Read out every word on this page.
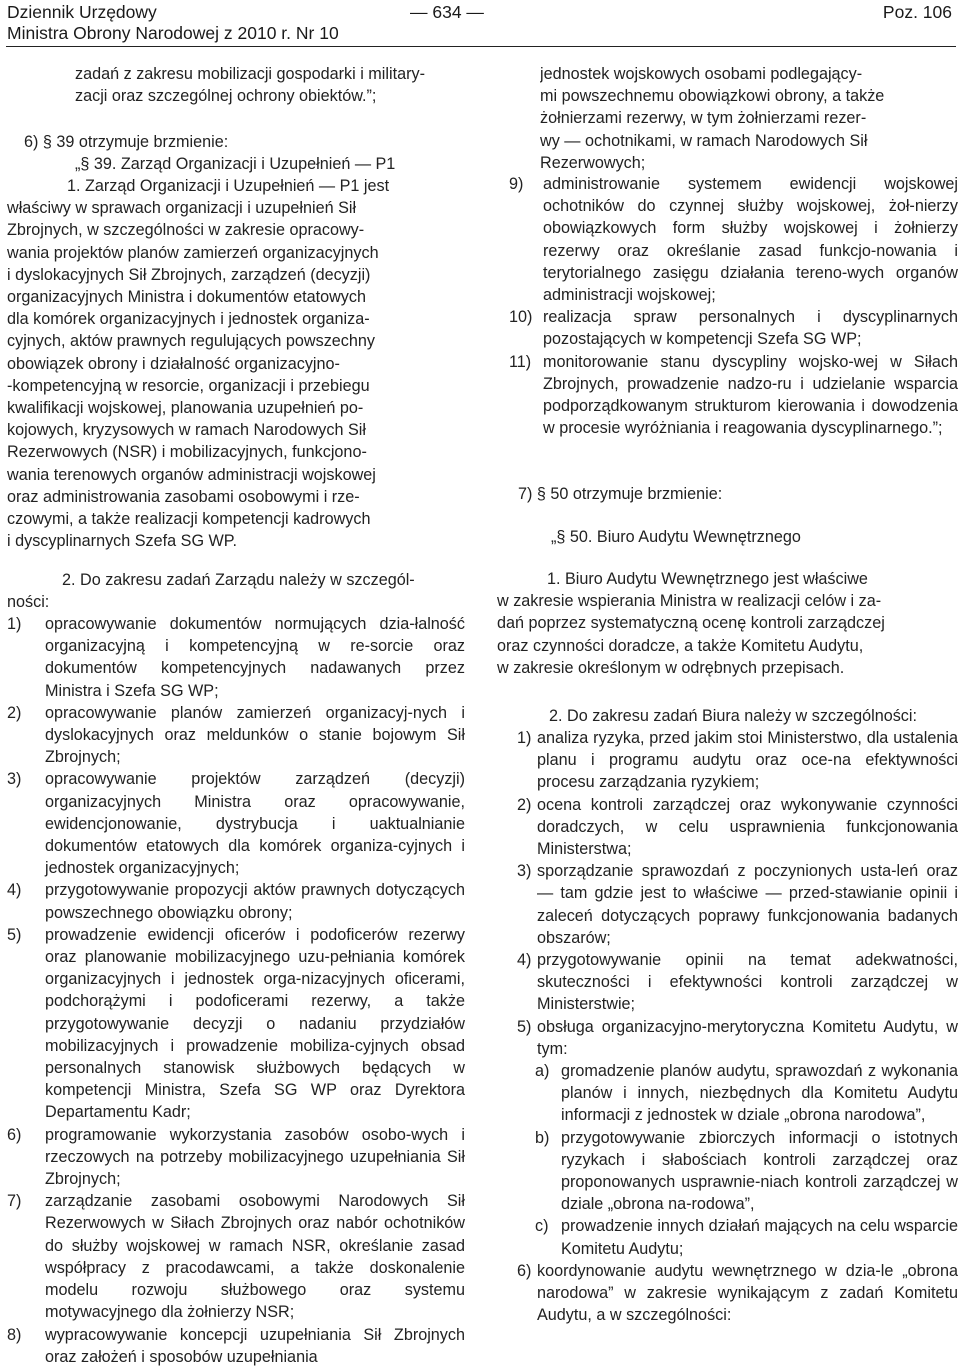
Dziennik Urzędowy
Ministra Obrony Narodowej z 2010 r. Nr 10
— 634 —	Poz. 106
zadań z zakresu mobilizacji gospodarki i military-
zacji oraz szczególnej ochrony obiektów.”;
6) § 39 otrzymuje brzmienie:
„§ 39. Zarząd Organizacji i Uzupełnień — P1
1. Zarząd Organizacji i Uzupełnień — P1 jest
właściwy w sprawach organizacji i uzupełnień Sił
Zbrojnych, w szczególności w zakresie opracowy-
wania projektów planów zamierzeń organizacyjnych
i dyslokacyjnych Sił Zbrojnych, zarządzeń (decyzji)
organizacyjnych Ministra i dokumentów etatowych
dla komórek organizacyjnych i jednostek organiza-
cyjnych, aktów prawnych regulujących powszechny
obowiązek obrony i działalność organizacyjno-
-kompetencyjną w resorcie, organizacji i przebiegu
kwalifikacji wojskowej, planowania uzupełnień po-
kojowych, kryzysowych w ramach Narodowych Sił
Rezerwowych (NSR) i mobilizacyjnych, funkcjono-
wania terenowych organów administracji wojskowej
oraz administrowania zasobami osobowymi i rze-
czowymi, a także realizacji kompetencji kadrowych
i dyscyplinarnych Szefa SG WP.
2. Do zakresu zadań Zarządu należy w szczegól-
ności:
1) opracowywanie dokumentów normujących dzia-łalność organizacyjną i kompetencyjną w re-sorcie oraz dokumentów kompetencyjnych nadawanych przez Ministra i Szefa SG WP;
2) opracowywanie planów zamierzeń organizacyj-nych i dyslokacyjnych oraz meldunków o stanie bojowym Sił Zbrojnych;
3) opracowywanie projektów zarządzeń (decyzji) organizacyjnych Ministra oraz opracowywanie, ewidencjonowanie, dystrybucja i uaktualnianie dokumentów etatowych dla komórek organiza-cyjnych i jednostek organizacyjnych;
4) przygotowywanie propozycji aktów prawnych dotyczących powszechnego obowiązku obrony;
5) prowadzenie ewidencji oficerów i podoficerów rezerwy oraz planowanie mobilizacyjnego uzu-pełniania komórek organizacyjnych i jednostek orga-nizacyjnych oficerami, podchorążymi i podoficerami rezerwy, a także przygotowywanie decyzji o nadaniu przydziałów mobilizacyjnych i prowadzenie mobiliza-cyjnych obsad personalnych stanowisk służbowych będących w kompetencji Ministra, Szefa SG WP oraz Dyrektora Departamentu Kadr;
6) programowanie wykorzystania zasobów osobo-wych i rzeczowych na potrzeby mobilizacyjnego uzupełniania Sił Zbrojnych;
7) zarządzanie zasobami osobowymi Narodowych Sił Rezerwowych w Siłach Zbrojnych oraz nabór ochotników do służby wojskowej w ramach NSR, określanie zasad współpracy z pracodawcami, a także doskonalenie modelu rozwoju służbowego oraz systemu motywacyjnego dla żołnierzy NSR;
8) wypracowywanie koncepcji uzupełniania Sił Zbrojnych oraz założeń i sposobów uzupełniania
jednostek wojskowych osobami podlegający-
mi powszechnemu obowiązkowi obrony, a także
żołnierzami rezerwy, w tym żołnierzami rezer-
wy — ochotnikami, w ramach Narodowych Sił
Rezerwowych;
9) administrowanie systemem ewidencji wojskowej ochotników do czynnej służby wojskowej, żoł-nierzy obowiązkowych form służby wojskowej i żołnierzy rezerwy oraz określanie zasad funkcjo-nowania i terytorialnego zasięgu działania tereno-wych organów administracji wojskowej;
10) realizacja spraw personalnych i dyscyplinarnych pozostających w kompetencji Szefa SG WP;
11) monitorowanie stanu dyscypliny wojsko-wej w Siłach Zbrojnych, prowadzenie nadzo-ru i udzielanie wsparcia podporządkowanym strukturom kierowania i dowodzenia w procesie wyróżniania i reagowania dyscyplinarnego.”;
7) § 50 otrzymuje brzmienie:
„§ 50. Biuro Audytu Wewnętrznego
1. Biuro Audytu Wewnętrznego jest właściwe
w zakresie wspierania Ministra w realizacji celów i za-
dań poprzez systematyczną ocenę kontroli zarządczej
oraz czynności doradcze, a także Komitetu Audytu,
w zakresie określonym w odrębnych przepisach.
2. Do zakresu zadań Biura należy w szczególności:
1) analiza ryzyka, przed jakim stoi Ministerstwo, dla ustalenia planu i programu audytu oraz oce-na efektywności procesu zarządzania ryzykiem;
2) ocena kontroli zarządczej oraz wykonywanie czynności doradczych, w celu usprawnienia funkcjonowania Ministerstwa;
3) sporządzanie sprawozdań z poczynionych usta-leń oraz — tam gdzie jest to właściwe — przed-stawianie opinii i zaleceń dotyczących poprawy funkcjonowania badanych obszarów;
4) przygotowywanie opinii na temat adekwatności, skuteczności i efektywności kontroli zarządczej w Ministerstwie;
5) obsługa organizacyjno-merytoryczna Komitetu Audytu, w tym:
a) gromadzenie planów audytu, sprawozdań z wykonania planów i innych, niezbędnych dla Komitetu Audytu informacji z jednostek w dziale „obrona narodowa”,
b) przygotowywanie zbiorczych informacji o istotnych ryzykach i słabościach kontroli zarządczej oraz proponowanych usprawnie-niach kontroli zarządczej w dziale „obrona na-rodowa”,
c) prowadzenie innych działań mających na celu wsparcie Komitetu Audytu;
6) koordynowanie audytu wewnętrznego w dzia-le „obrona narodowa” w zakresie wynikającym z zadań Komitetu Audytu, a w szczególności:
